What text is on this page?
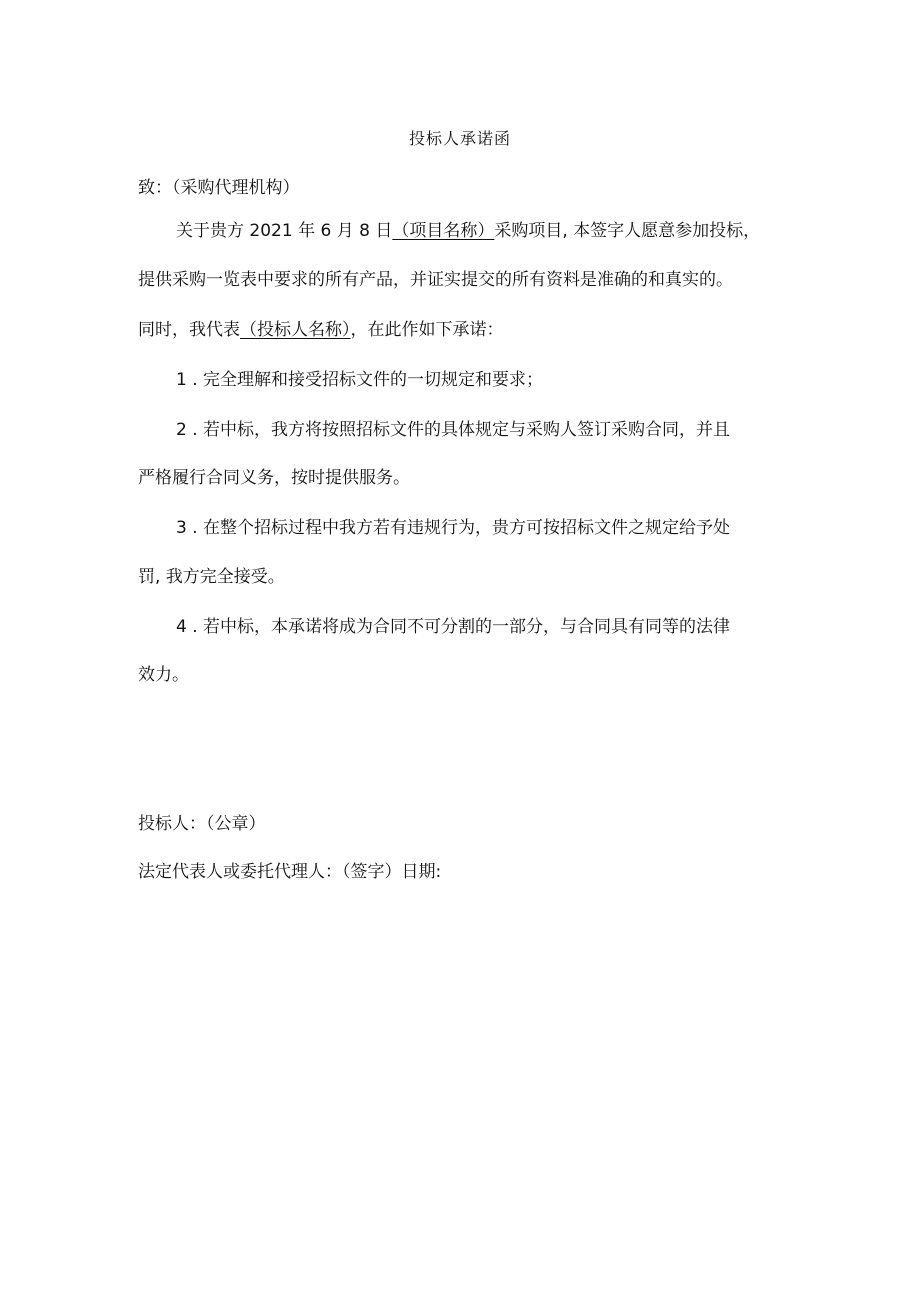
投标人承诺函
致：（采购代理机构）
关于贵方 2021 年 6 月 8 日（项目名称）采购项目, 本签字人愿意参加投标，
提供采购一览表中要求的所有产品，并证实提交的所有资料是准确的和真实的。
同时，我代表（投标人名称），在此作如下承诺：
1 . 完全理解和接受招标文件的一切规定和要求；
2 . 若中标，我方将按照招标文件的具体规定与采购人签订采购合同，并且
严格履行合同义务，按时提供服务。
3 . 在整个招标过程中我方若有违规行为，贵方可按招标文件之规定给予处
罚, 我方完全接受。
4 . 若中标，本承诺将成为合同不可分割的一部分，与合同具有同等的法律
效力。
投标人：（公章）
法定代表人或委托代理人：（签字）日期:
